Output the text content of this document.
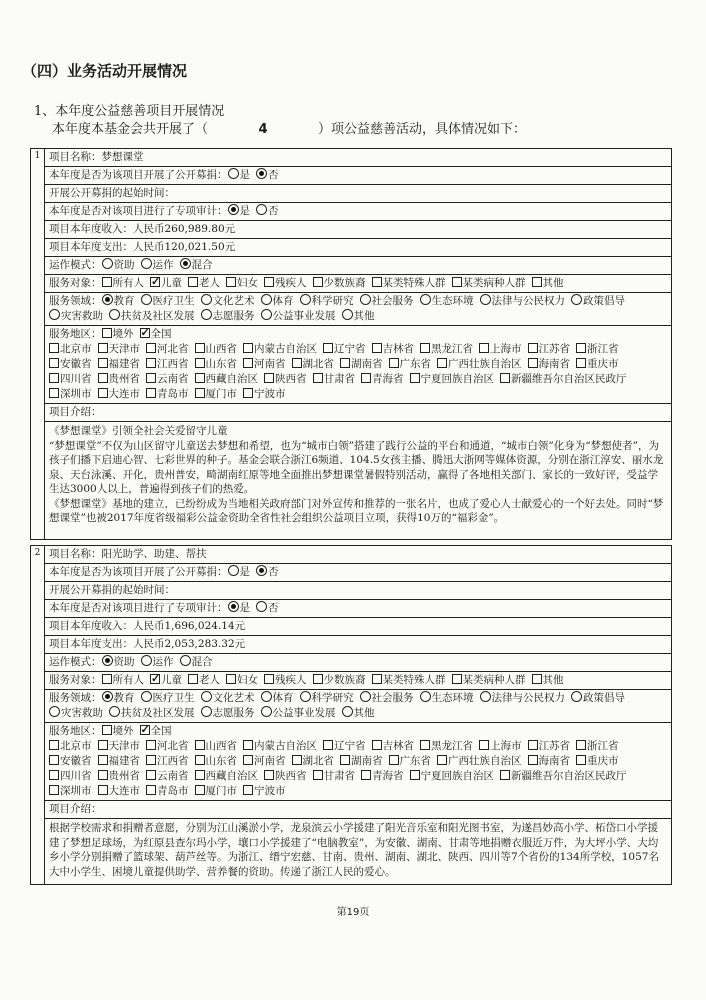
（四）业务活动开展情况
1、本年度公益慈善项目开展情况
本年度本基金会共开展了（	4	）项公益慈善活动，具体情况如下：
1 项目名称：梦想课堂
本年度是否为该项目开展了公开募捐： 是 否
开展公开募捐的起始时间：
本年度是否对该项目进行了专项审计： 是 否
项目本年度收入：人民币260,989.80元
项目本年度支出：人民币120,021.50元
运作模式： 资助 运作 混合
服务对象： 所有人 ✓ 儿童 老人 妇女 残疾人 少数族裔 某类特殊人群 某类病种人群 其他
服务领域： 教育 医疗卫生 文化艺术 体育 科学研究 社会服务 生态环境 法律与公民权力 政策倡导灾害救助 扶贫及社区发展 志愿服务 公益事业发展 其他
服务地区： 境外 ✓ 全国
北京市 天津市 河北省 山西省 内蒙古自治区 辽宁省 吉林省 黑龙江省 上海市 江苏省 浙江省安徽省 福建省 江西省 山东省 河南省 湖北省 湖南省 广东省 广西壮族自治区 海南省 重庆市四川省 贵州省 云南省 西藏自治区 陕西省 甘肃省 青海省 宁夏回族自治区 新疆维吾尔自治区民政厅深圳市 大连市 青岛市 厦门市 宁波市
项目介绍：
《梦想课堂》引领全社会关爱留守儿童
“梦想课堂”不仅为山区留守儿童送去梦想和希望，也为“城市白领”搭建了践行公益的平台和通道，“城市白领”化身为“梦想使者”，为孩子们播下启迪心智、七彩世界的种子。基金会联合浙江6频道、104.5女孩主播、腾迅大浙网等媒体资源，分别在浙江淳安、丽水龙泉、天台泳溪、开化，贵州普安，畸湖南红原等地全面推出梦想课堂暑假特别活动，赢得了各地相关部门、家长的一致好评，受益学生达3000人以上，普遍得到孩子们的热爱。
《梦想课堂》基地的建立，已纷纷成为当地相关政府部门对外宣传和推荐的一张名片，也成了爱心人士献爱心的一个好去处。同时“梦想课堂”也被2017年度省级福彩公益金资助全省性社会组织公益项目立项，获得10万的“福彩金”。
2 项目名称：阳光助学、助建、帮扶
本年度是否为该项目开展了公开募捐： 是 否
开展公开募捐的起始时间：
本年度是否对该项目进行了专项审计： 是 否
项目本年度收入：人民币1,696,024.14元
项目本年度支出：人民币2,053,283.32元
运作模式： 资助 运作 混合
服务对象： 所有人 ✓ 儿童 老人 妇女 残疾人 少数族裔 某类特殊人群 某类病种人群 其他
服务领域： 教育 医疗卫生 文化艺术 体育 科学研究 社会服务 生态环境 法律与公民权力 政策倡导灾害救助 扶贫及社区发展 志愿服务 公益事业发展 其他
服务地区： 境外 ✓ 全国
北京市 天津市 河北省 山西省 内蒙古自治区 辽宁省 吉林省 黑龙江省 上海市 江苏省 浙江省安徽省 福建省 江西省 山东省 河南省 湖北省 湖南省 广东省 广西壮族自治区 海南省 重庆市四川省 贵州省 云南省 西藏自治区 陕西省 甘肃省 青海省 宁夏回族自治区 新疆维吾尔自治区民政厅深圳市 大连市 青岛市 厦门市 宁波市
项目介绍：
根据学校需求和捐赠者意愿，分别为江山溪淤小学，龙泉滨云小学援建了阳光音乐室和阳光图书室，为遂昌妙高小学、柘岱口小学援建了梦想足球场，为红原县查尔玛小学，壤口小学援建了“电脑教室”，为安徽、湖南、甘肃等地捐赠衣服近万件，为大坪小学、大均乡小学分别捐赠了篮球架、葫芦丝等。为浙江、缙宁宏慈、甘南、贵州、湖南、湖北、陕西、四川等7个省份的134所学校，1057名大中小学生、困境儿童提供助学、营养餐的资助。传递了浙江人民的爱心。
第19页
